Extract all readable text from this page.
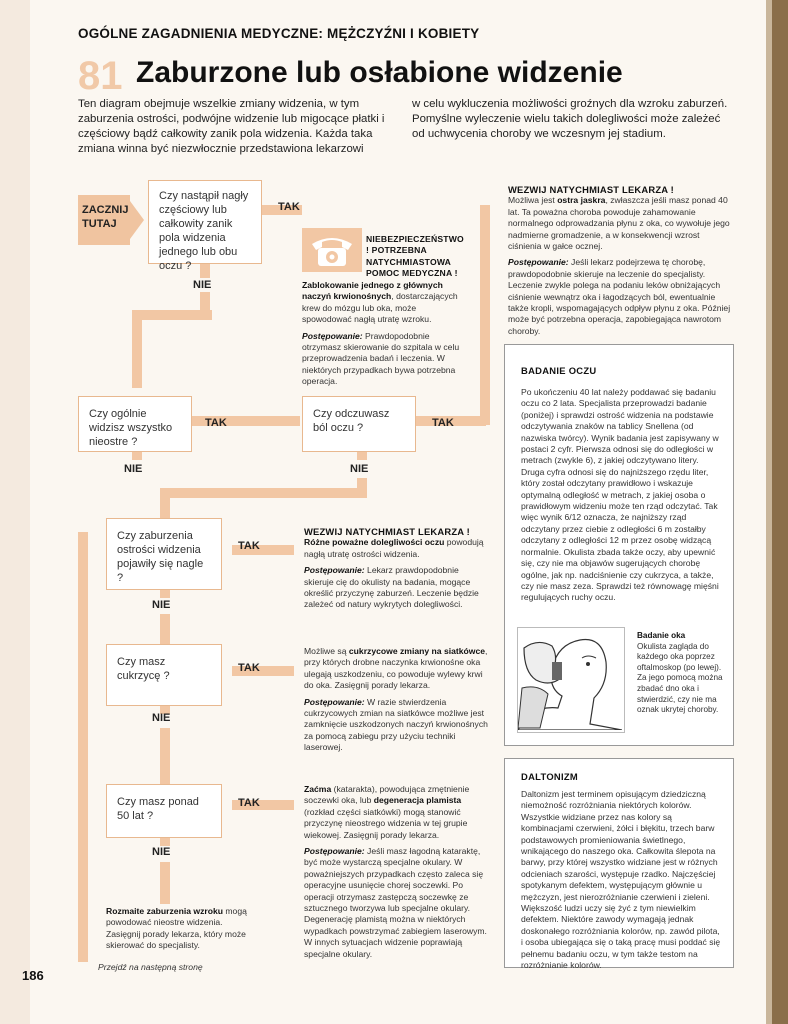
OGÓLNE ZAGADNIENIA MEDYCZNE: MĘŻCZYŹNI I KOBIETY
81 Zaburzone lub osłabione widzenie
Ten diagram obejmuje wszelkie zmiany widzenia, w tym zaburzenia ostrości, podwójne widzenie lub migocące płatki i częściowy bądź całkowity zanik pola widzenia. Każda taka zmiana winna być niezwłocznie przedstawiona lekarzowi
w celu wykluczenia możliwości groźnych dla wzroku zaburzeń. Pomyślne wyleczenie wielu takich dolegliwości może zależeć od uchwycenia choroby we wczesnym jej stadium.
ZACZNIJ TUTAJ
Czy nastąpił nagły częściowy lub całkowity zanik pola widzenia jednego lub obu oczu ?
TAK
NIE
Czy ogólnie widzisz wszystko nieostre ?
TAK
NIE
Czy odczuwasz ból oczu ?	TAK
NIE
Czy zaburzenia ostrości widzenia pojawiły się nagle ?
TAK
NIE
Czy masz cukrzycę ?
TAK
NIE
Czy masz ponad 50 lat ?
TAK
NIE
NIEBEZPIECZEŃSTWO ! POTRZEBNA NATYCHMIASTOWA POMOC MEDYCZNA !
Zablokowanie jednego z głównych naczyń krwionośnych, dostarczających krew do mózgu lub oka, może spowodować nagłą utratę wzroku.
Postępowanie: Prawdopodobnie otrzymasz skierowanie do szpitala w celu przeprowadzenia badań i leczenia. W niektórych przypadkach bywa potrzebna operacja.
WEZWIJ NATYCHMIAST LEKARZA !
Możliwa jest ostra jaskra, zwłaszcza jeśli masz ponad 40 lat. Ta poważna choroba powoduje zahamowanie normalnego odprowadzania płynu z oka, co wywołuje jego nadmierne gromadzenie, a w konsekwencji wzrost ciśnienia w gałce ocznej.
Postępowanie: Jeśli lekarz podejrzewa tę chorobę, prawdopodobnie skieruje na leczenie do specjalisty. Leczenie zwykle polega na podaniu leków obniżających ciśnienie wewnątrz oka i łagodzących ból, ewentualnie także kropli, wspomagających odpływ płynu z oka. Później może być potrzebna operacja, zapobiegająca nawrotom choroby.
WEZWIJ NATYCHMIAST LEKARZA !
Różne poważne dolegliwości oczu powodują nagłą utratę ostrości widzenia.
Postępowanie: Lekarz prawdopodobnie skieruje cię do okulisty na badania, mogące określić przyczynę zaburzeń. Leczenie będzie zależeć od natury wykrytych dolegliwości.
Możliwe są cukrzycowe zmiany na siatkówce, przy których drobne naczynka krwionośne oka ulegają uszkodzeniu, co powoduje wylewy krwi do oka. Zasięgnij porady lekarza.
Postępowanie: W razie stwierdzenia cukrzycowych zmian na siatkówce możliwe jest zamknięcie uszkodzonych naczyń krwionośnych za pomocą zabiegu przy użyciu techniki laserowej.
Zaćma (katarakta), powodująca zmętnienie soczewki oka, lub degeneracja plamista (rozkład części siatkówki) mogą stanowić przyczynę nieostrego widzenia w tej grupie wiekowej. Zasięgnij porady lekarza.
Postępowanie: Jeśli masz łagodną kataraktę, być może wystarczą specjalne okulary. W poważniejszych przypadkach często zaleca się operacyjne usunięcie chorej soczewki. Po operacji otrzymasz zastępczą soczewkę ze sztucznego tworzywa lub specjalne okulary. Degenerację plamistą można w niektórych wypadkach powstrzymać zabiegiem laserowym. W innych sytuacjach widzenie poprawiają specjalne okulary.
Rozmaite zaburzenia wzroku mogą powodować nieostre widzenia. Zasięgnij porady lekarza, który może skierować do specjalisty.
BADANIE OCZU
Po ukończeniu 40 lat należy poddawać się badaniu oczu co 2 lata. Specjalista przeprowadzi badanie (poniżej) i sprawdzi ostrość widzenia na podstawie odczytywania znaków na tablicy Snellena (od nazwiska twórcy). Wynik badania jest zapisywany w postaci 2 cyfr. Pierwsza odnosi się do odległości w metrach (zwykle 6), z jakiej odczytywano litery. Druga cyfra odnosi się do najniższego rzędu liter, który został odczytany prawidłowo i wskazuje optymalną odległość w metrach, z jakiej osoba o prawidłowym widzeniu może ten rząd odczytać. Tak więc wynik 6/12 oznacza, że najniższy rząd odczytany przez ciebie z odległości 6 m zostałby odczytany z odległości 12 m przez osobę widzącą normalnie. Okulista zbada także oczy, aby upewnić się, czy nie ma objawów sugerujących chorobę ogólne, jak np. nadciśnienie czy cukrzyca, a także, czy nie masz zeza. Sprawdzi też równowagę mięśni regulujących ruchy oczu.
Badanie oka
Okulista zagląda do każdego oka poprzez oftalmoskop (po lewej). Za jego pomocą można zbadać dno oka i stwierdzić, czy nie ma oznak ukrytej choroby.
DALTONIZM
Daltonizm jest terminem opisującym dziedziczną niemożność rozróżniania niektórych kolorów. Wszystkie widziane przez nas kolory są kombinacjami czerwieni, żółci i błękitu, trzech barw podstawowych promieniowania świetlnego, wnikającego do naszego oka. Całkowita ślepota na barwy, przy której wszystko widziane jest w różnych odcieniach szarości, występuje rzadko. Najczęściej spotykanym defektem, występującym głównie u mężczyzn, jest nierozróżnianie czerwieni i zieleni. Większość ludzi uczy się żyć z tym niewielkim defektem. Niektóre zawody wymagają jednak doskonałego rozróżniania kolorów, np. zawód pilota, i osoba ubiegająca się o taką pracę musi poddać się pełnemu badaniu oczu, w tym także testom na rozróżnianie kolorów.
Przejdź na następną stronę
186
